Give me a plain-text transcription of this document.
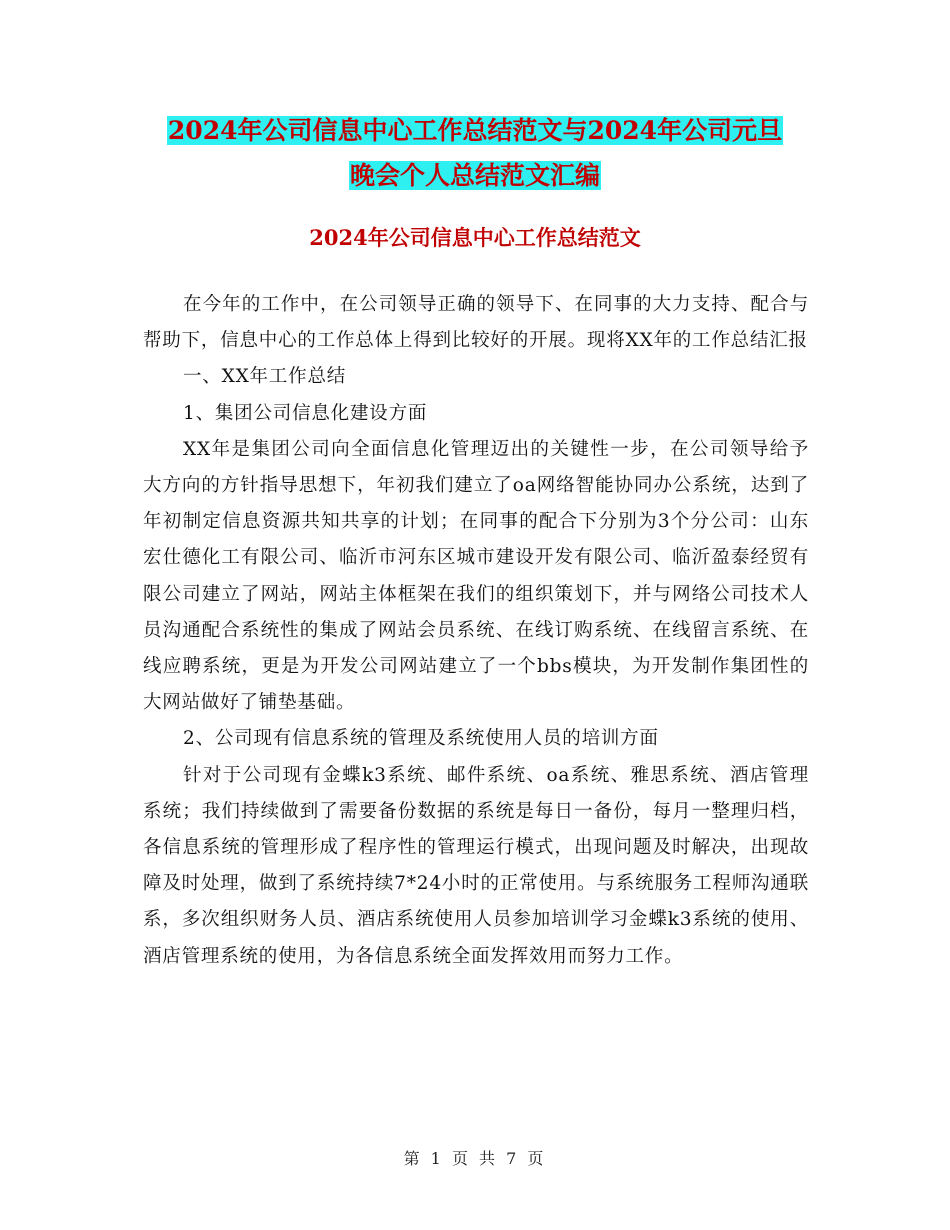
2024年公司信息中心工作总结范文与2024年公司元旦
晚会个人总结范文汇编
2024年公司信息中心工作总结范文

在今年的工作中，在公司领导正确的领导下、在同事的大力支持、配合与帮助下，信息中心的工作总体上得到比较好的开展。现将XX年的工作总结汇报

一、XX年工作总结

1、集团公司信息化建设方面

XX年是集团公司向全面信息化管理迈出的关键性一步，在公司领导给予大方向的方针指导思想下，年初我们建立了oa网络智能协同办公系统，达到了年初制定信息资源共知共享的计划；在同事的配合下分别为3个分公司：山东宏仕德化工有限公司、临沂市河东区城市建设开发有限公司、临沂盈泰经贸有限公司建立了网站，网站主体框架在我们的组织策划下，并与网络公司技术人员沟通配合系统性的集成了网站会员系统、在线订购系统、在线留言系统、在线应聘系统，更是为开发公司网站建立了一个bbs模块，为开发制作集团性的大网站做好了铺垫基础。

2、公司现有信息系统的管理及系统使用人员的培训方面

针对于公司现有金蝶k3系统、邮件系统、oa系统、雅思系统、酒店管理系统；我们持续做到了需要备份数据的系统是每日一备份，每月一整理归档，各信息系统的管理形成了程序性的管理运行模式，出现问题及时解决，出现故障及时处理，做到了系统持续7*24小时的正常使用。与系统服务工程师沟通联系，多次组织财务人员、酒店系统使用人员参加培训学习金蝶k3系统的使用、酒店管理系统的使用，为各信息系统全面发挥效用而努力工作。

第 1 页 共 7 页
